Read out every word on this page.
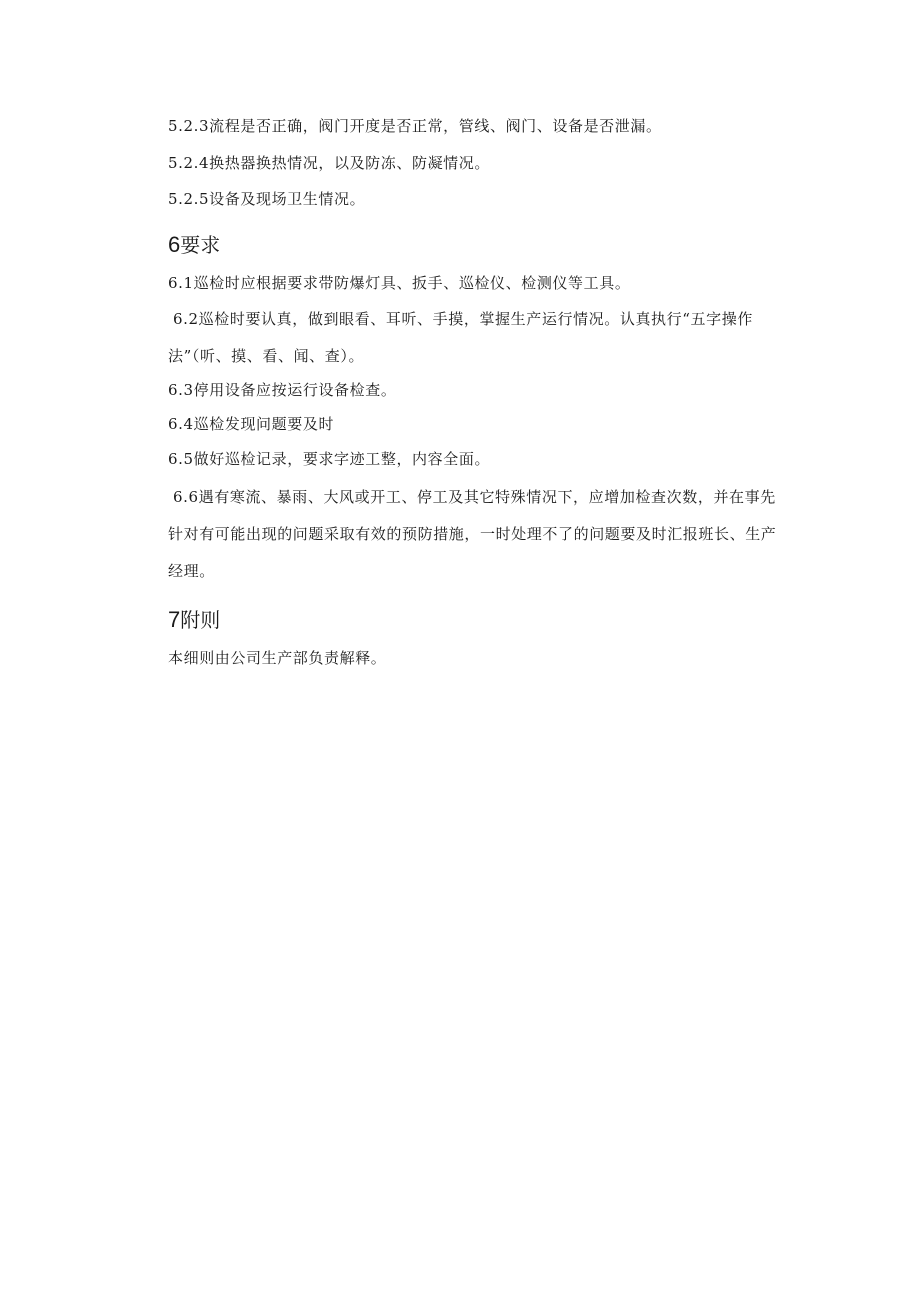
5.2.3流程是否正确，阀门开度是否正常，管线、阀门、设备是否泄漏。
5.2.4换热器换热情况，以及防冻、防凝情况。
5.2.5设备及现场卫生情况。
6要求
6.1巡检时应根据要求带防爆灯具、扳手、巡检仪、检测仪等工具。
6.2巡检时要认真，做到眼看、耳听、手摸，掌握生产运行情况。认真执行“五字操作法”（听、摸、看、闻、查）。
6.3停用设备应按运行设备检查。
6.4巡检发现问题要及时
6.5做好巡检记录，要求字迹工整，内容全面。
6.6遇有寒流、暴雨、大风或开工、停工及其它特殊情况下，应增加检查次数，并在事先针对有可能出现的问题采取有效的预防措施，一时处理不了的问题要及时汇报班长、生产经理。
7附则
本细则由公司生产部负责解释。
